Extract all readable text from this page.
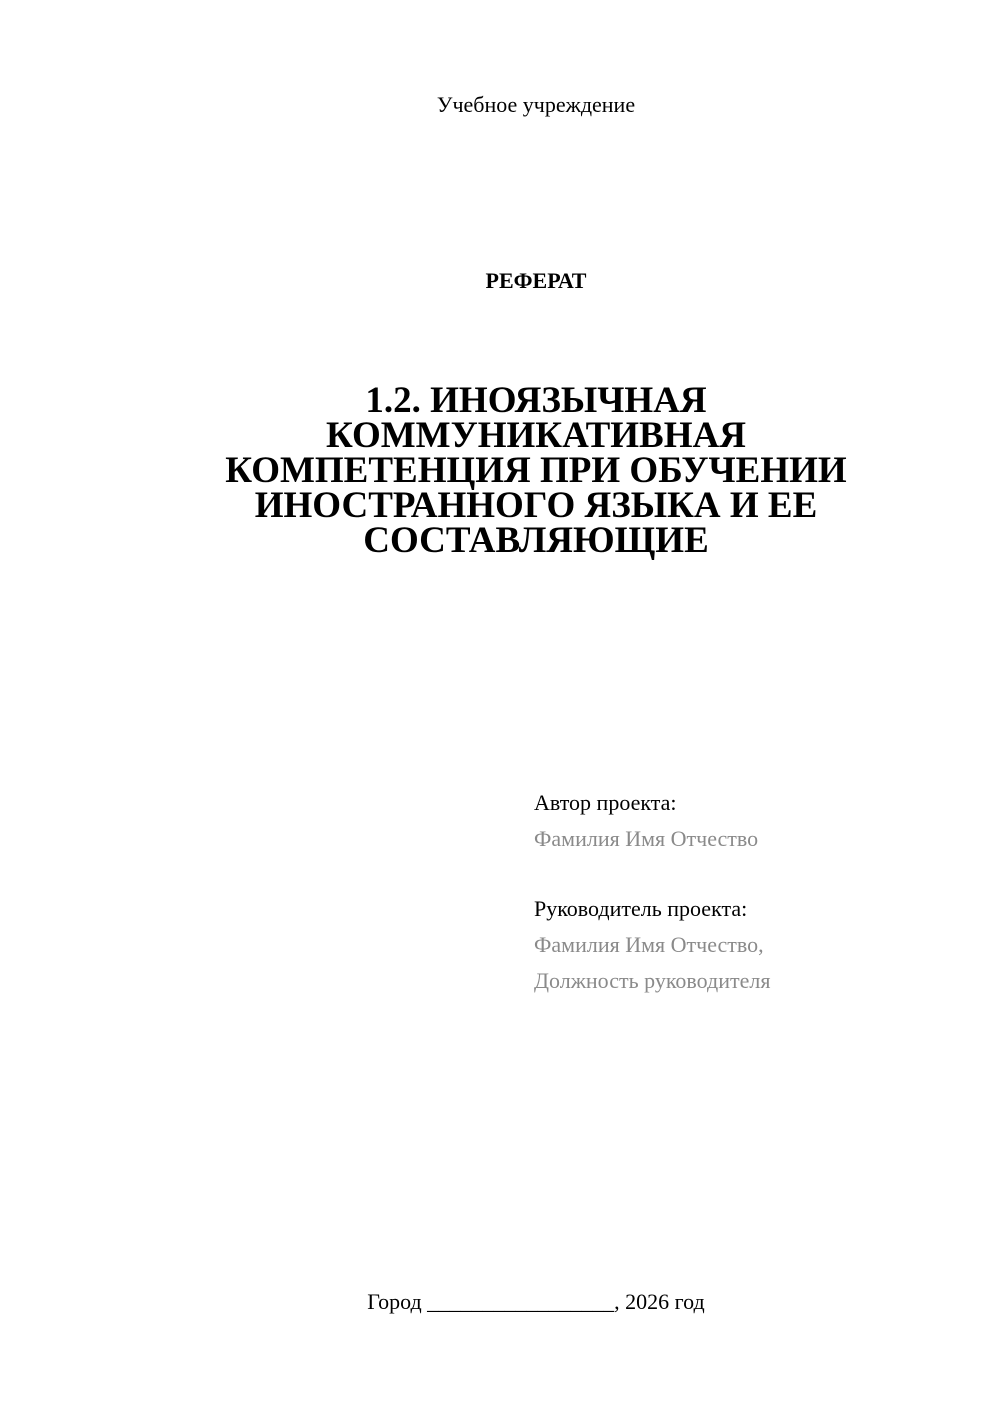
Учебное учреждение
РЕФЕРАТ
1.2. ИНОЯЗЫЧНАЯ
КОММУНИКАТИВНАЯ
КОМПЕТЕНЦИЯ ПРИ ОБУЧЕНИИ
ИНОСТРАННОГО ЯЗЫКА И ЕЕ
СОСТАВЛЯЮЩИЕ
Автор проекта:
Фамилия Имя Отчество
Руководитель проекта:
Фамилия Имя Отчество,
Должность руководителя
Город _________________, 2026 год
